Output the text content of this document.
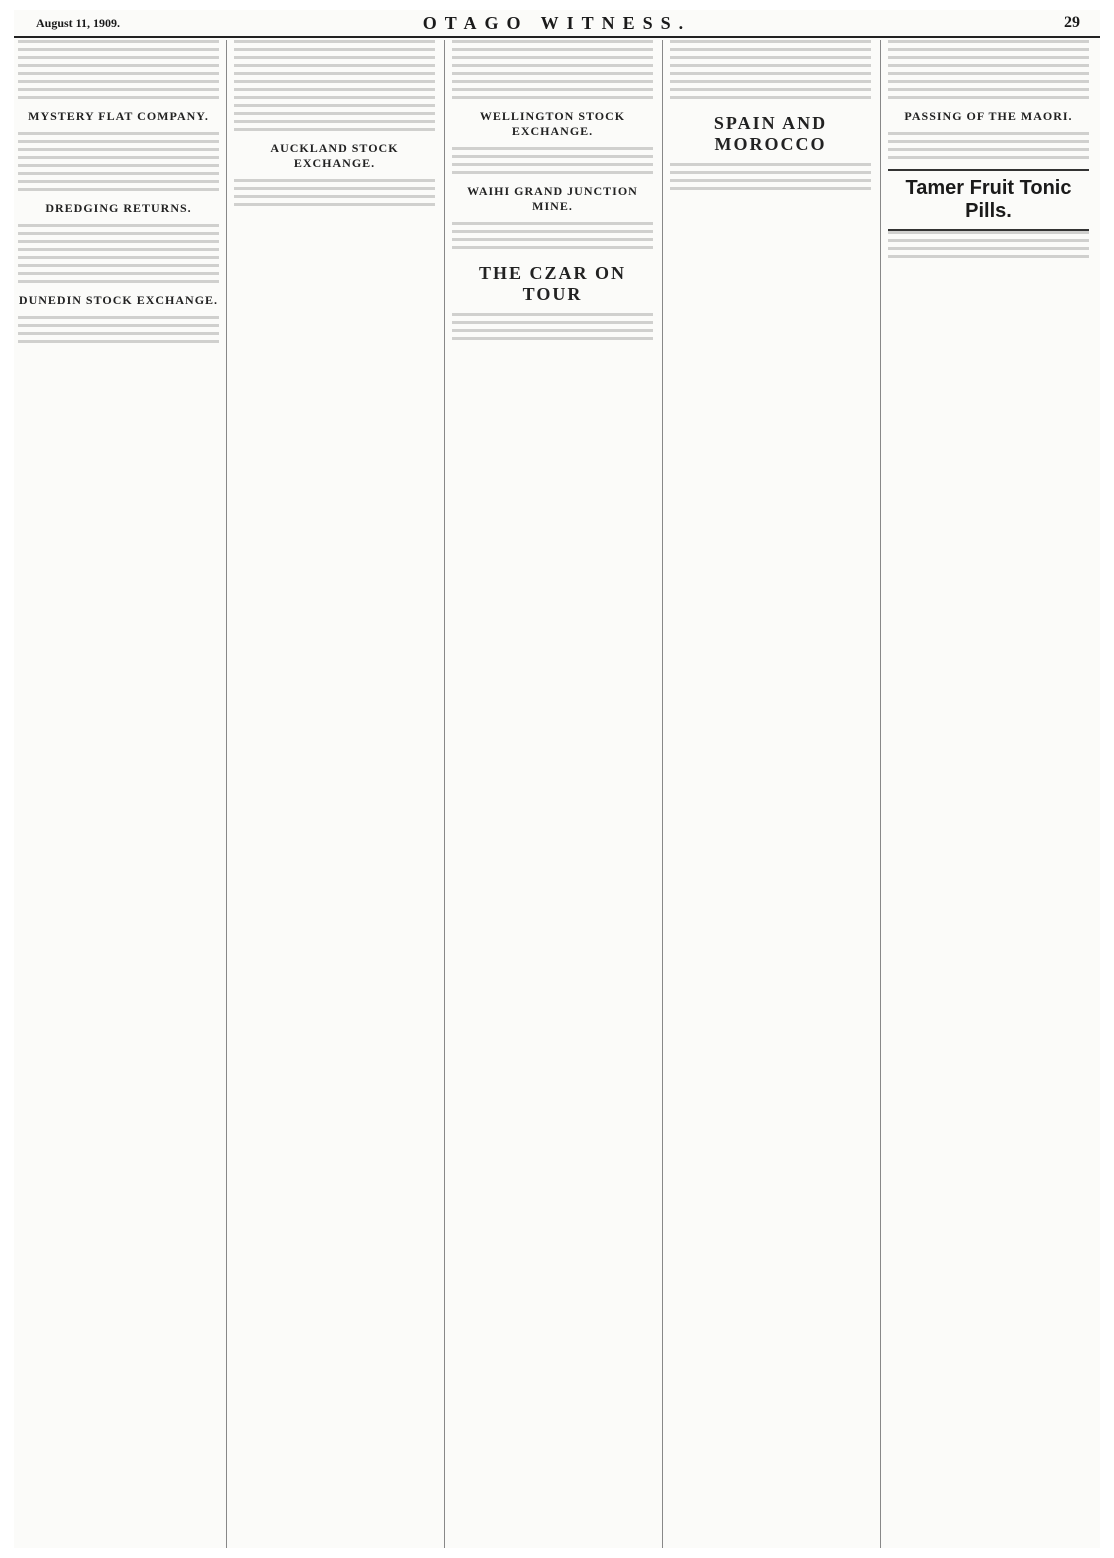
August 11, 1909.	OTAGO WITNESS.	29
MYSTERY FLAT COMPANY.
DREDGING RETURNS.
DUNEDIN STOCK EXCHANGE.
AUCKLAND STOCK EXCHANGE.
WELLINGTON STOCK EXCHANGE.
WAIHI GRAND JUNCTION MINE.
THE CZAR ON TOUR
SPAIN AND MOROCCO
PASSING OF THE MAORI.
Tamer Fruit Tonic Pills.
